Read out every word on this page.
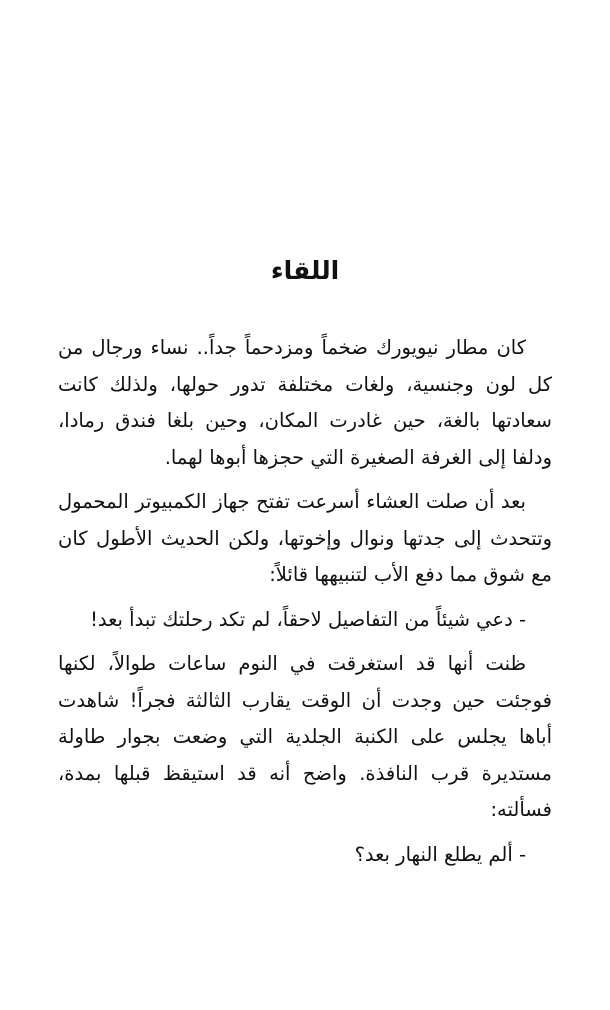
اللقاء

كان مطار نيويورك ضخماً ومزدحماً جداً.. نساء ورجال من كل لون وجنسية، ولغات مختلفة تدور حولها، ولذلك كانت سعادتها بالغة، حين غادرت المكان، وحين بلغا فندق رمادا، ودلفا إلى الغرفة الصغيرة التي حجزها أبوها لهما.

بعد أن صلت العشاء أسرعت تفتح جهاز الكمبيوتر المحمول وتتحدث إلى جدتها ونوال وإخوتها، ولكن الحديث الأطول كان مع شوق مما دفع الأب لتنبيهها قائلاً:

- دعي شيئاً من التفاصيل لاحقاً، لم تكد رحلتك تبدأ بعد!

ظنت أنها قد استغرقت في النوم ساعات طوالاً، لكنها فوجئت حين وجدت أن الوقت يقارب الثالثة فجراً! شاهدت أباها يجلس على الكنبة الجلدية التي وضعت بجوار طاولة مستديرة قرب النافذة. واضح أنه قد استيقظ قبلها بمدة، فسألته:

- ألم يطلع النهار بعد؟
